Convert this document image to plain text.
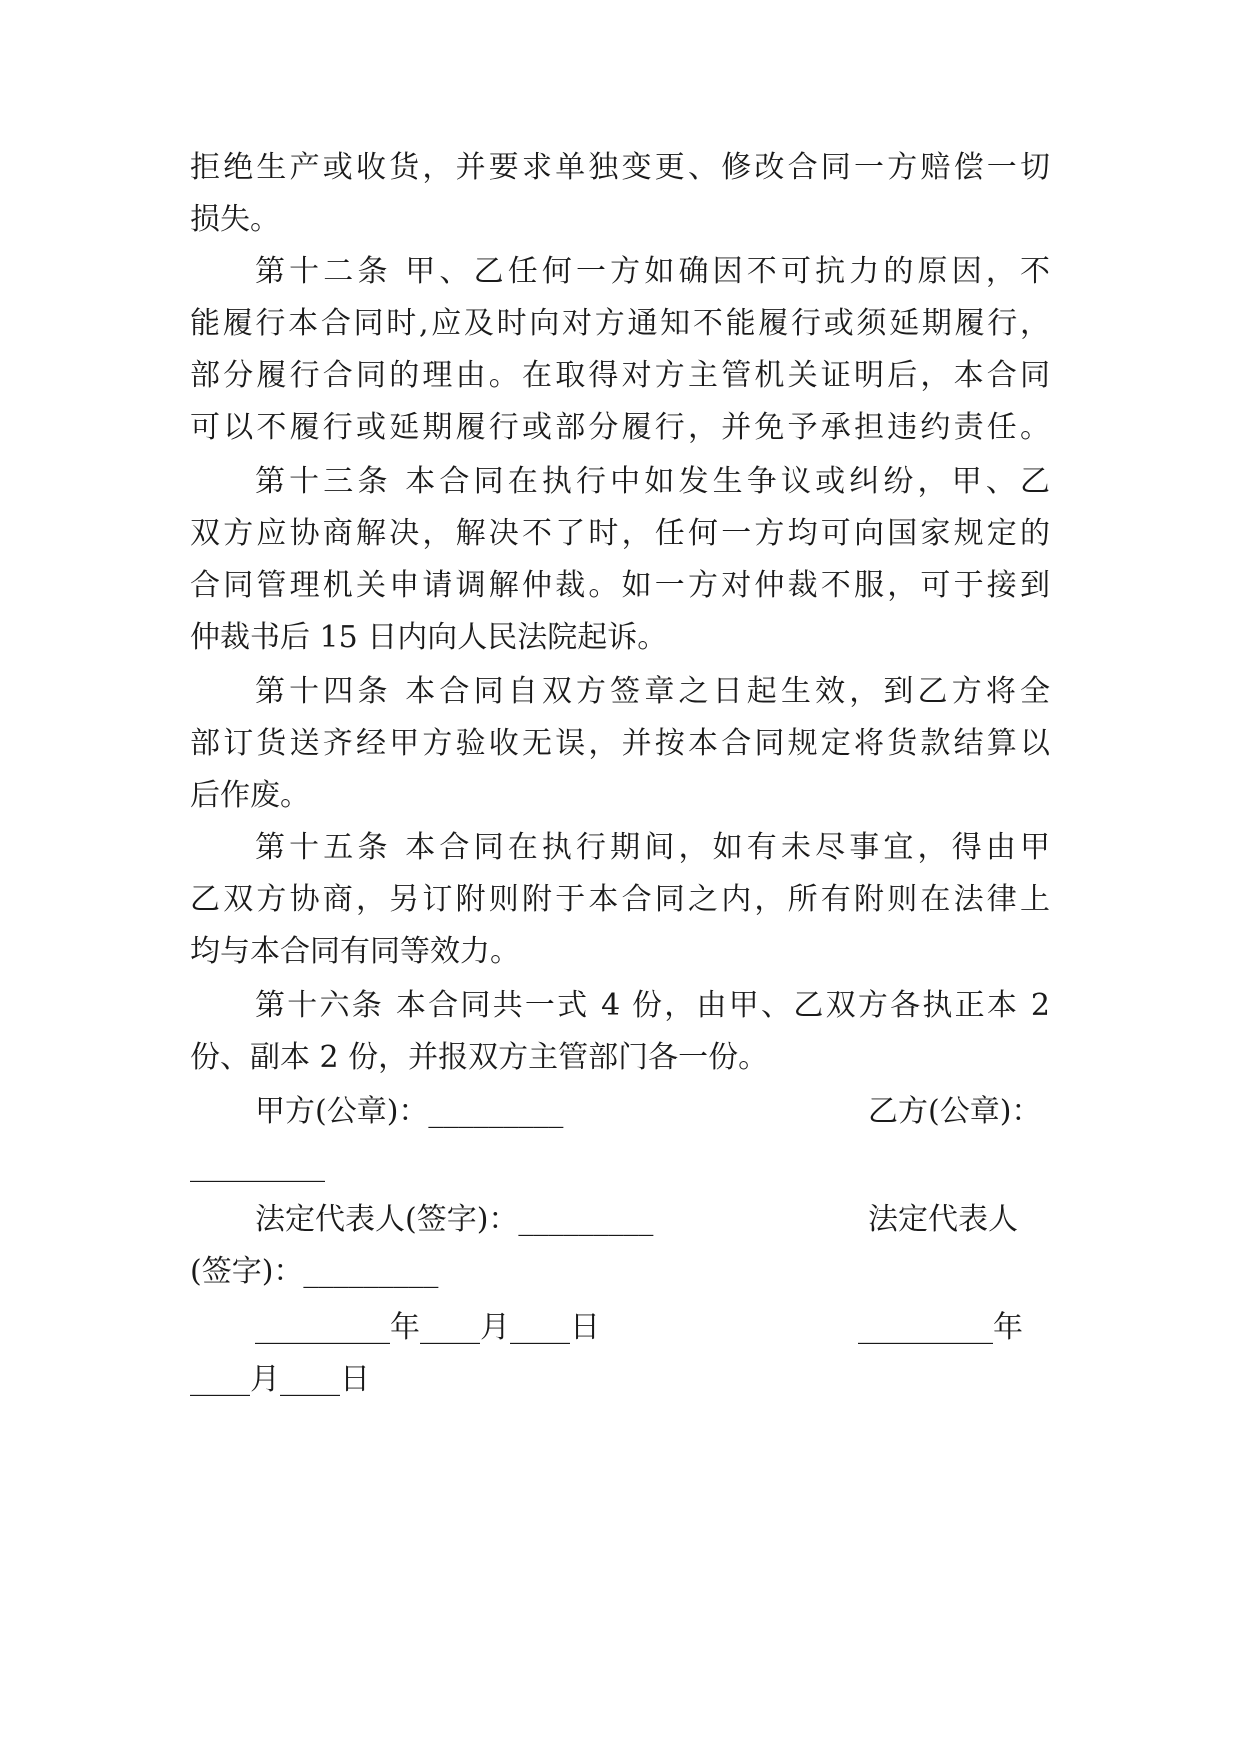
拒绝生产或收货，并要求单独变更、修改合同一方赔偿一切
损失。
第十二条 甲、乙任何一方如确因不可抗力的原因，不
能履行本合同时,应及时向对方通知不能履行或须延期履行，
部分履行合同的理由。在取得对方主管机关证明后，本合同
可以不履行或延期履行或部分履行，并免予承担违约责任。
第十三条 本合同在执行中如发生争议或纠纷，甲、乙
双方应协商解决，解决不了时，任何一方均可向国家规定的
合同管理机关申请调解仲裁。如一方对仲裁不服，可于接到
仲裁书后 15 日内向人民法院起诉。
第十四条 本合同自双方签章之日起生效，到乙方将全
部订货送齐经甲方验收无误，并按本合同规定将货款结算以
后作废。
第十五条 本合同在执行期间，如有未尽事宜，得由甲
乙双方协商，另订附则附于本合同之内，所有附则在法律上
均与本合同有同等效力。
第十六条 本合同共一式 4 份，由甲、乙双方各执正本 2
份、副本 2 份，并报双方主管部门各一份。
甲方(公章)：_________	乙方(公章)：
_________
法定代表人(签字)：_________	法定代表人
(签字)：_________
_________年____月____日	_________年
____月____日
